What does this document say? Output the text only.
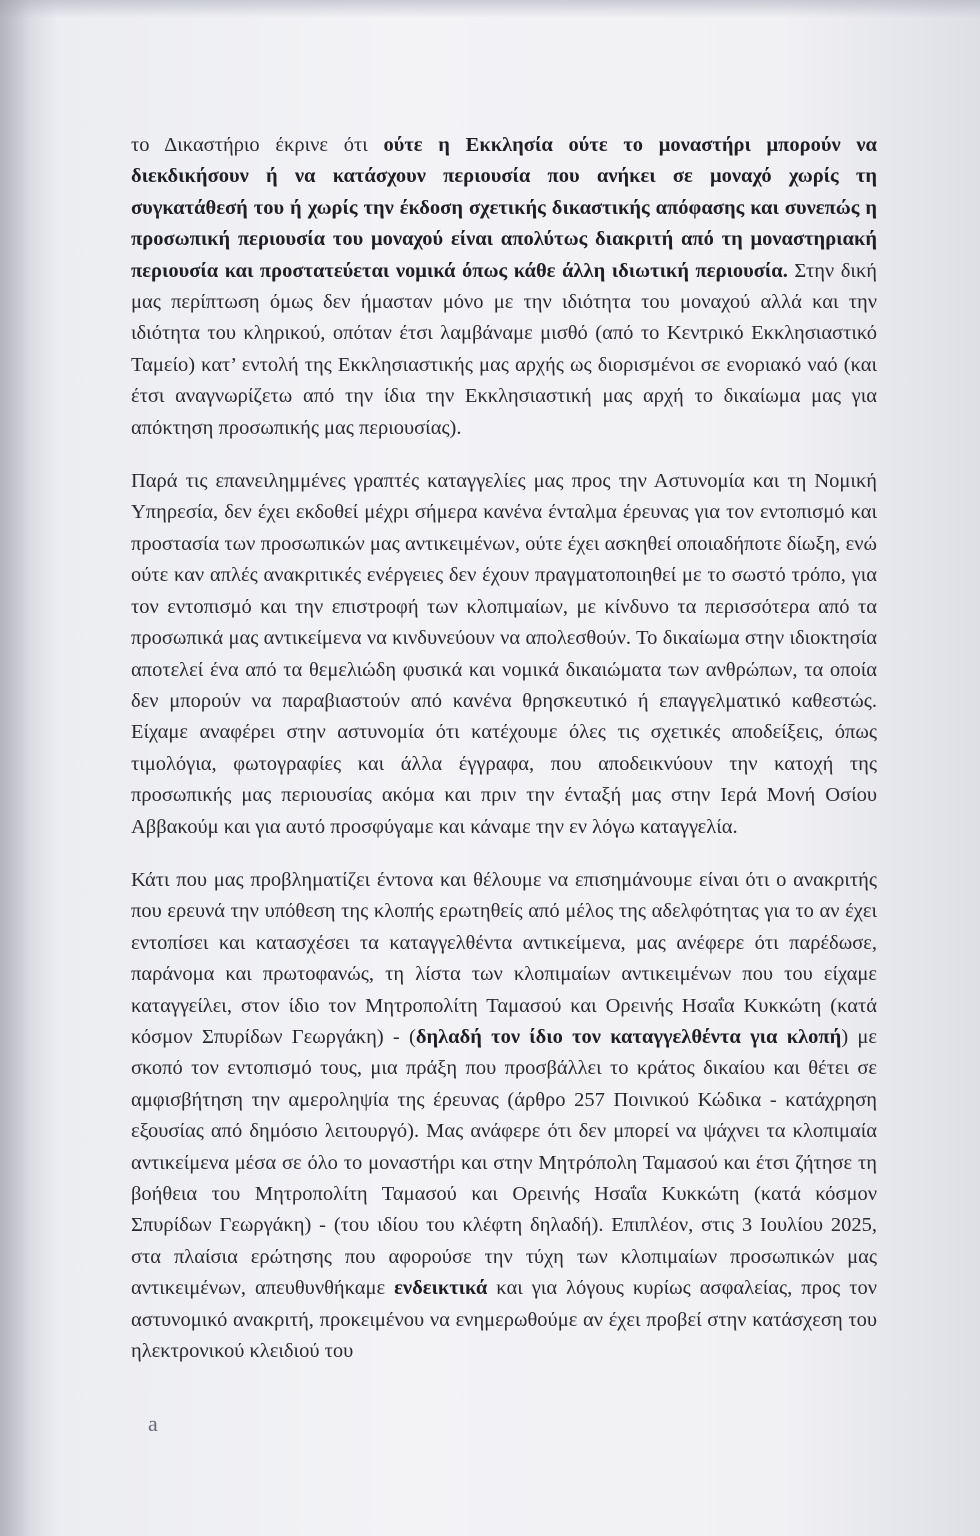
το Δικαστήριο έκρινε ότι ούτε η Εκκλησία ούτε το μοναστήρι μπορούν να διεκδικήσουν ή να κατάσχουν περιουσία που ανήκει σε μοναχό χωρίς τη συγκατάθεσή του ή χωρίς την έκδοση σχετικής δικαστικής απόφασης και συνεπώς η προσωπική περιουσία του μοναχού είναι απολύτως διακριτή από τη μοναστηριακή περιουσία και προστατεύεται νομικά όπως κάθε άλλη ιδιωτική περιουσία. Στην δική μας περίπτωση όμως δεν ήμασταν μόνο με την ιδιότητα του μοναχού αλλά και την ιδιότητα του κληρικού, οπόταν έτσι λαμβάναμε μισθό (από το Κεντρικό Εκκλησιαστικό Ταμείο) κατ’ εντολή της Εκκλησιαστικής μας αρχής ως διορισμένοι σε ενοριακό ναό (και έτσι αναγνωρίζετω από την ίδια την Εκκλησιαστική μας αρχή το δικαίωμα μας για απόκτηση προσωπικής μας περιουσίας).

Παρά τις επανειλημμένες γραπτές καταγγελίες μας προς την Αστυνομία και τη Νομική Υπηρεσία, δεν έχει εκδοθεί μέχρι σήμερα κανένα ένταλμα έρευνας για τον εντοπισμό και προστασία των προσωπικών μας αντικειμένων, ούτε έχει ασκηθεί οποιαδήποτε δίωξη, ενώ ούτε καν απλές ανακριτικές ενέργειες δεν έχουν πραγματοποιηθεί με το σωστό τρόπο, για τον εντοπισμό και την επιστροφή των κλοπιμαίων, με κίνδυνο τα περισσότερα από τα προσωπικά μας αντικείμενα να κινδυνεύουν να απολεσθούν. Το δικαίωμα στην ιδιοκτησία αποτελεί ένα από τα θεμελιώδη φυσικά και νομικά δικαιώματα των ανθρώπων, τα οποία δεν μπορούν να παραβιαστούν από κανένα θρησκευτικό ή επαγγελματικό καθεστώς. Είχαμε αναφέρει στην αστυνομία ότι κατέχουμε όλες τις σχετικές αποδείξεις, όπως τιμολόγια, φωτογραφίες και άλλα έγγραφα, που αποδεικνύουν την κατοχή της προσωπικής μας περιουσίας ακόμα και πριν την ένταξή μας στην Ιερά Μονή Οσίου Αββακούμ και για αυτό προσφύγαμε και κάναμε την εν λόγω καταγγελία.

Κάτι που μας προβληματίζει έντονα και θέλουμε να επισημάνουμε είναι ότι ο ανακριτής που ερευνά την υπόθεση της κλοπής ερωτηθείς από μέλος της αδελφότητας για το αν έχει εντοπίσει και κατασχέσει τα καταγγελθέντα αντικείμενα, μας ανέφερε ότι παρέδωσε, παράνομα και πρωτοφανώς, τη λίστα των κλοπιμαίων αντικειμένων που του είχαμε καταγγείλει, στον ίδιο τον Μητροπολίτη Ταμασού και Ορεινής Ησαΐα Κυκκώτη (κατά κόσμον Σπυρίδων Γεωργάκη) - (δηλαδή τον ίδιο τον καταγγελθέντα για κλοπή) με σκοπό τον εντοπισμό τους, μια πράξη που προσβάλλει το κράτος δικαίου και θέτει σε αμφισβήτηση την αμεροληψία της έρευνας (άρθρο 257 Ποινικού Κώδικα - κατάχρηση εξουσίας από δημόσιο λειτουργό). Μας ανάφερε ότι δεν μπορεί να ψάχνει τα κλοπιμαία αντικείμενα μέσα σε όλο το μοναστήρι και στην Μητρόπολη Ταμασού και έτσι ζήτησε τη βοήθεια του Μητροπολίτη Ταμασού και Ορεινής Ησαΐα Κυκκώτη (κατά κόσμον Σπυρίδων Γεωργάκη) - (του ιδίου του κλέφτη δηλαδή). Επιπλέον, στις 3 Ιουλίου 2025, στα πλαίσια ερώτησης που αφορούσε την τύχη των κλοπιμαίων προσωπικών μας αντικειμένων, απευθυνθήκαμε ενδεικτικά και για λόγους κυρίως ασφαλείας, προς τον αστυνομικό ανακριτή, προκειμένου να ενημερωθούμε αν έχει προβεί στην κατάσχεση του ηλεκτρονικού κλειδιού του

a
